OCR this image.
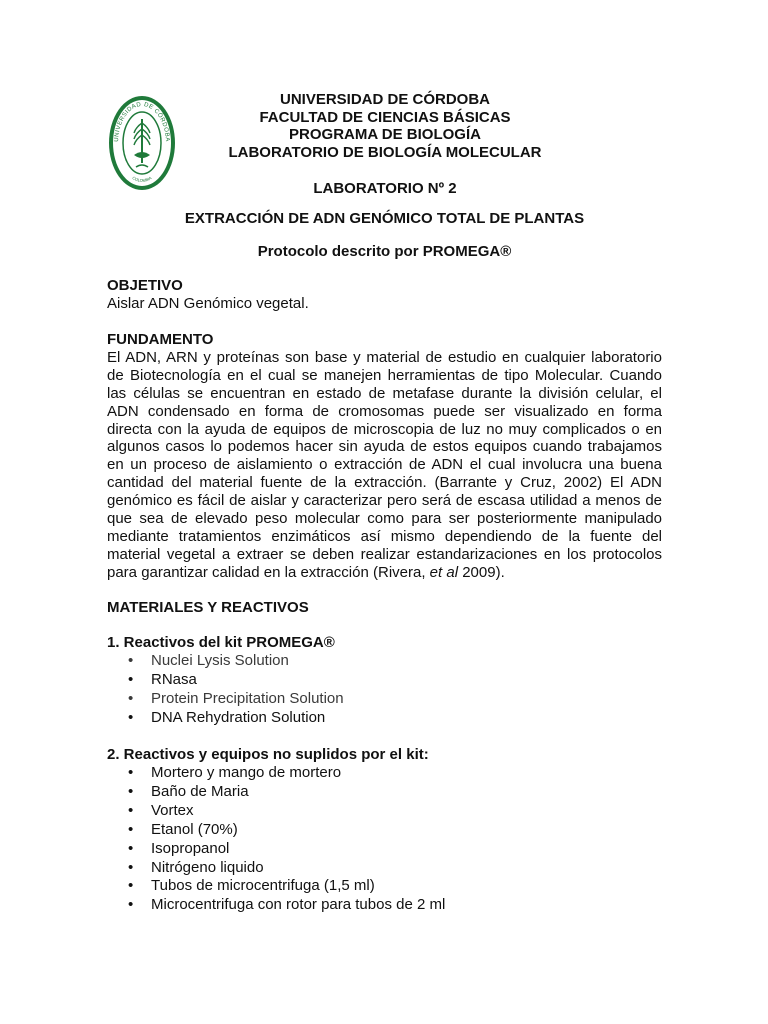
UNIVERSIDAD DE CÓRDOBA
COLOMBIA
UNIVERSIDAD DE CÓRDOBA
FACULTAD DE CIENCIAS BÁSICAS
PROGRAMA DE BIOLOGÍA
LABORATORIO DE BIOLOGÍA MOLECULAR
LABORATORIO Nº 2
EXTRACCIÓN DE ADN GENÓMICO TOTAL DE PLANTAS
Protocolo descrito por PROMEGA®
OBJETIVO
Aislar ADN Genómico vegetal.
FUNDAMENTO
El ADN, ARN y proteínas son base y material de estudio en cualquier laboratorio
de Biotecnología en el cual se manejen herramientas de tipo Molecular. Cuando
las células se encuentran en estado de metafase durante la división celular, el
ADN condensado en forma de cromosomas puede ser visualizado en forma
directa con la ayuda de equipos de microscopia de luz no muy complicados o en
algunos casos lo podemos hacer sin ayuda de estos equipos cuando trabajamos
en un proceso de aislamiento o extracción de ADN el cual involucra una buena
cantidad del material fuente de la extracción. (Barrante y Cruz, 2002) El ADN
genómico es fácil de aislar y caracterizar pero será de escasa utilidad a menos de
que sea de elevado peso molecular como para ser posteriormente manipulado
mediante tratamientos enzimáticos así mismo dependiendo de la fuente del
material vegetal a extraer se deben realizar estandarizaciones en los protocolos
para garantizar calidad en la extracción (Rivera, et al 2009).
MATERIALES Y REACTIVOS
1. Reactivos del kit PROMEGA®
• Nuclei Lysis Solution
• RNasa
• Protein Precipitation Solution
• DNA Rehydration Solution
2. Reactivos y equipos no suplidos por el kit:
• Mortero y mango de mortero
• Baño de Maria
• Vortex
• Etanol (70%)
• Isopropanol
• Nitrógeno liquido
• Tubos de microcentrifuga (1,5 ml)
• Microcentrifuga con rotor para tubos de 2 ml
